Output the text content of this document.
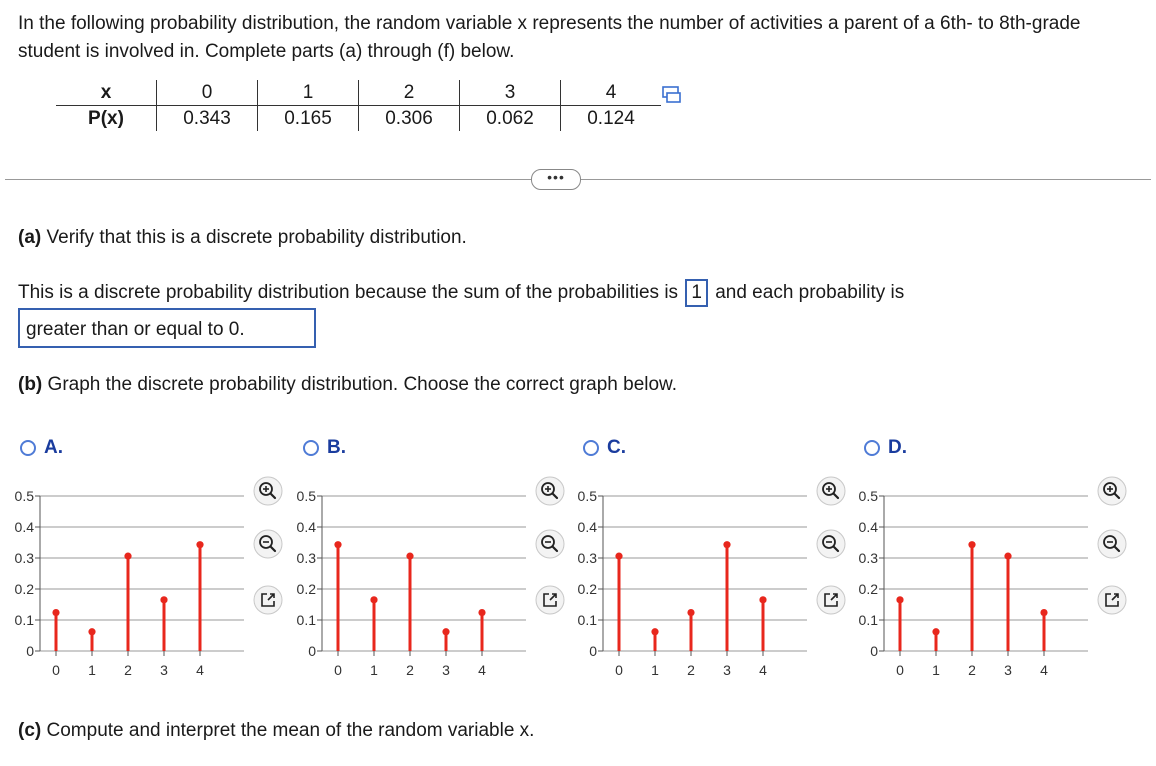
In the following probability distribution, the random variable x represents the number of activities a parent of a 6th- to 8th-grade student is involved in. Complete parts (a) through (f) below.
x	0	1	2	3	4
P(x)	0.343	0.165	0.306	0.062	0.124
•••
(a) Verify that this is a discrete probability distribution.
This is a discrete probability distribution because the sum of the probabilities is 1 and each probability is
greater than or equal to 0.
(b) Graph the discrete probability distribution. Choose the correct graph below.
A.	B.	C.	D.
0
0.1
0.2
0.3
0.4
0.5
0 1 2 3 4
0
0.1
0.2
0.3
0.4
0.5
0 1 2 3 4
0
0.1
0.2
0.3
0.4
0.5
0 1 2 3 4
0
0.1
0.2
0.3
0.4
0.5
0 1 2 3 4
(c) Compute and interpret the mean of the random variable x.
